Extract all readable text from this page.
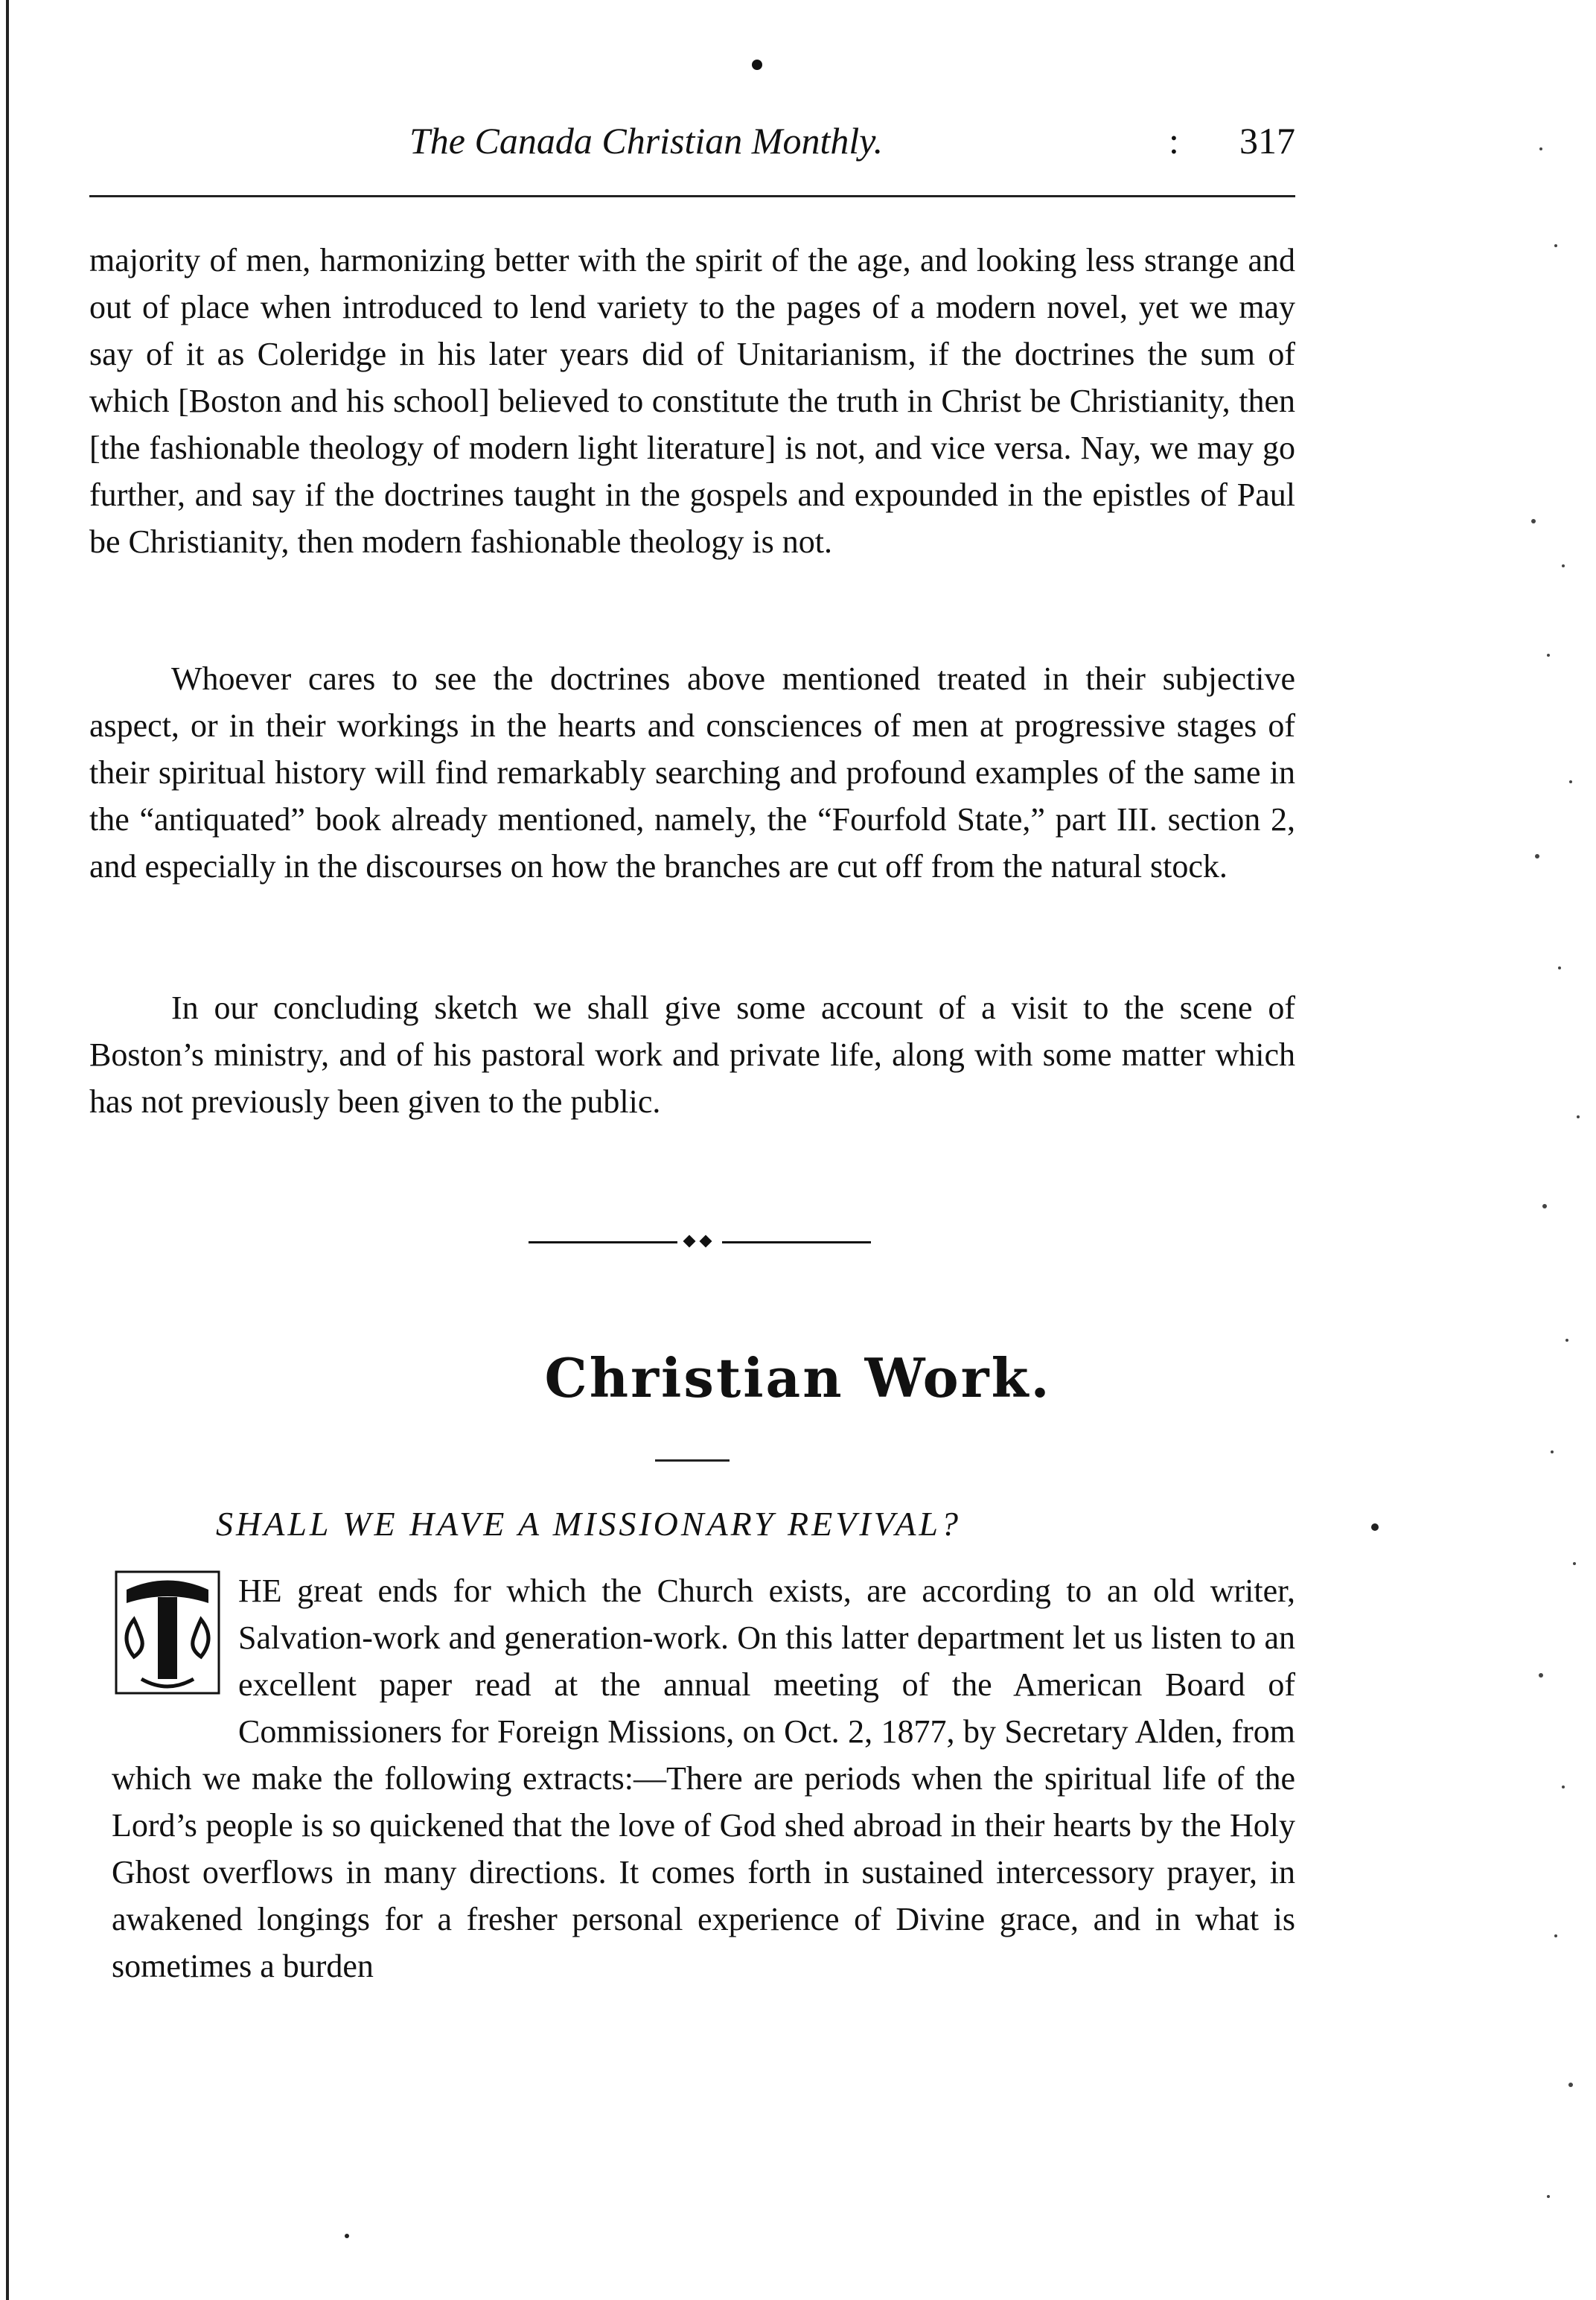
The Canada Christian Monthly.	: 317

majority of men, harmonizing better with the spirit of the age, and looking less strange and out of place when introduced to lend variety to the pages of a modern novel, yet we may say of it as Coleridge in his later years did of Unitarianism, if the doctrines the sum of which [Boston and his school] believed to constitute the truth in Christ be Christianity, then [the fashionable theology of modern light literature] is not, and vice versa. Nay, we may go further, and say if the doctrines taught in the gospels and expounded in the epistles of Paul be Christianity, then modern fashionable theology is not.

Whoever cares to see the doctrines above mentioned treated in their subjective aspect, or in their workings in the hearts and consciences of men at progressive stages of their spiritual history will find remarkably searching and profound examples of the same in the “antiquated” book already mentioned, namely, the “Fourfold State,” part III. section 2, and especially in the discourses on how the branches are cut off from the natural stock.

In our concluding sketch we shall give some account of a visit to the scene of Boston’s ministry, and of his pastoral work and private life, along with some matter which has not previously been given to the public.

Christian Work.
SHALL WE HAVE A MISSIONARY REVIVAL?
HE great ends for which the Church exists, are according to an old writer, Salvation-work and generation-work. On this latter department let us listen to an excellent paper read at the annual meeting of the American Board of Commissioners for Foreign Missions, on Oct. 2, 1877, by Secretary Alden, from which we make the following extracts:—There are periods when the spiritual life of the Lord’s people is so quickened that the love of God shed abroad in their hearts by the Holy Ghost overflows in many directions. It comes forth in sustained intercessory prayer, in awakened longings for a fresher personal experience of Divine grace, and in what is sometimes a burden
